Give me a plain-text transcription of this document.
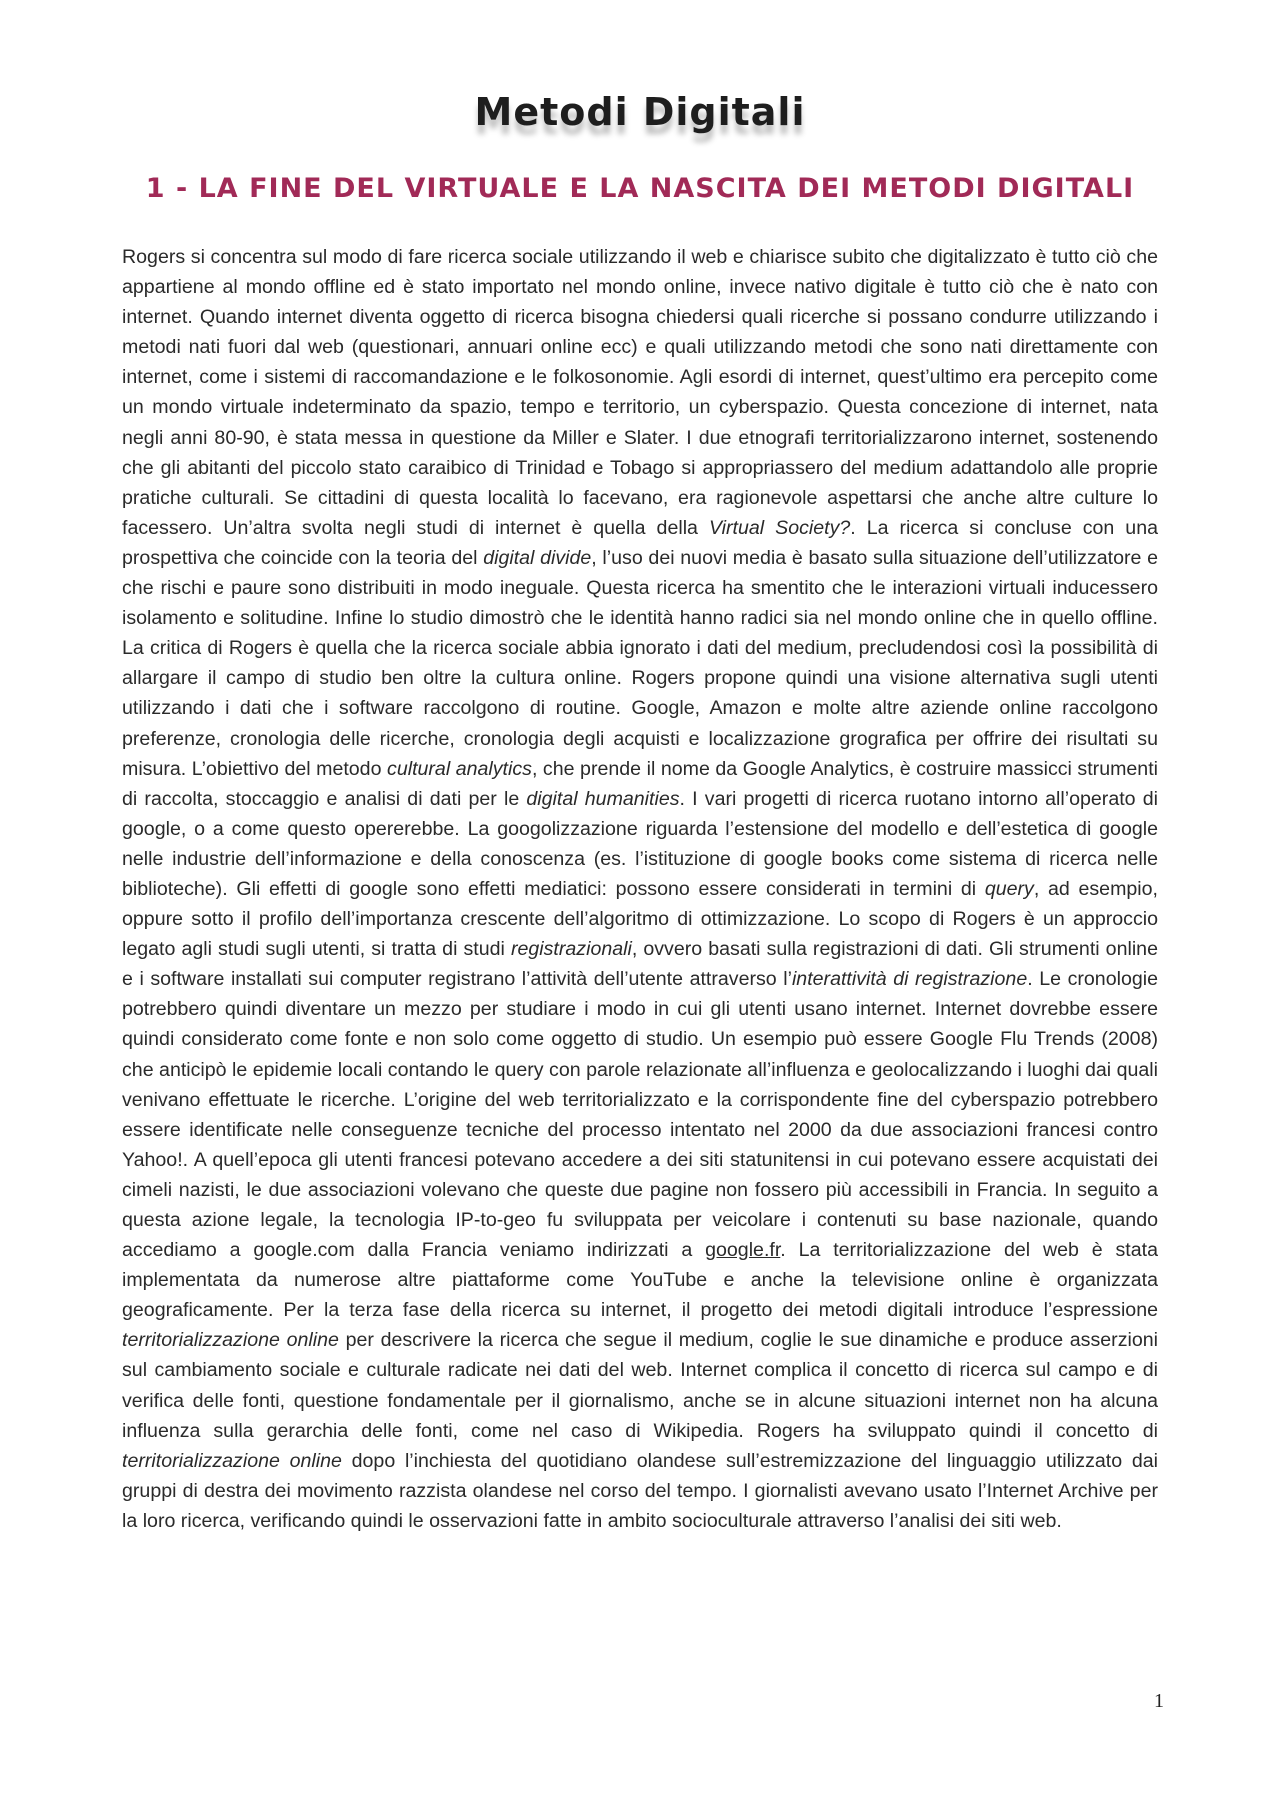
Metodi Digitali
1 - LA FINE DEL VIRTUALE E LA NASCITA DEI METODI DIGITALI

Rogers si concentra sul modo di fare ricerca sociale utilizzando il web e chiarisce subito che digitalizzato è tutto ciò che appartiene al mondo offline ed è stato importato nel mondo online, invece nativo digitale è tutto ciò che è nato con internet. Quando internet diventa oggetto di ricerca bisogna chiedersi quali ricerche si possano condurre utilizzando i metodi nati fuori dal web (questionari, annuari online ecc) e quali utilizzando metodi che sono nati direttamente con internet, come i sistemi di raccomandazione e le folkosonomie. Agli esordi di internet, quest’ultimo era percepito come un mondo virtuale indeterminato da spazio, tempo e territorio, un cyberspazio. Questa concezione di internet, nata negli anni 80-90, è stata messa in questione da Miller e Slater. I due etnografi territorializzarono internet, sostenendo che gli abitanti del piccolo stato caraibico di Trinidad e Tobago si appropriassero del medium adattandolo alle proprie pratiche culturali. Se cittadini di questa località lo facevano, era ragionevole aspettarsi che anche altre culture lo facessero. Un’altra svolta negli studi di internet è quella della Virtual Society?. La ricerca si concluse con una prospettiva che coincide con la teoria del digital divide, l’uso dei nuovi media è basato sulla situazione dell’utilizzatore e che rischi e paure sono distribuiti in modo ineguale. Questa ricerca ha smentito che le interazioni virtuali inducessero isolamento e solitudine. Infine lo studio dimostrò che le identità hanno radici sia nel mondo online che in quello offline. La critica di Rogers è quella che la ricerca sociale abbia ignorato i dati del medium, precludendosi così la possibilità di allargare il campo di studio ben oltre la cultura online. Rogers propone quindi una visione alternativa sugli utenti utilizzando i dati che i software raccolgono di routine. Google, Amazon e molte altre aziende online raccolgono preferenze, cronologia delle ricerche, cronologia degli acquisti e localizzazione grografica per offrire dei risultati su misura. L’obiettivo del metodo cultural analytics, che prende il nome da Google Analytics, è costruire massicci strumenti di raccolta, stoccaggio e analisi di dati per le digital humanities. I vari progetti di ricerca ruotano intorno all’operato di google, o a come questo opererebbe. La googolizzazione riguarda l’estensione del modello e dell’estetica di google nelle industrie dell’informazione e della conoscenza (es. l’istituzione di google books come sistema di ricerca nelle biblioteche). Gli effetti di google sono effetti mediatici: possono essere considerati in termini di query, ad esempio, oppure sotto il profilo dell’importanza crescente dell’algoritmo di ottimizzazione. Lo scopo di Rogers è un approccio legato agli studi sugli utenti, si tratta di studi registrazionali, ovvero basati sulla registrazioni di dati. Gli strumenti online e i software installati sui computer registrano l’attività dell’utente attraverso l’interattività di registrazione. Le cronologie potrebbero quindi diventare un mezzo per studiare i modo in cui gli utenti usano internet. Internet dovrebbe essere quindi considerato come fonte e non solo come oggetto di studio. Un esempio può essere Google Flu Trends (2008) che anticipò le epidemie locali contando le query con parole relazionate all’influenza e geolocalizzando i luoghi dai quali venivano effettuate le ricerche. L’origine del web territorializzato e la corrispondente fine del cyberspazio potrebbero essere identificate nelle conseguenze tecniche del processo intentato nel 2000 da due associazioni francesi contro Yahoo!. A quell’epoca gli utenti francesi potevano accedere a dei siti statunitensi in cui potevano essere acquistati dei cimeli nazisti, le due associazioni volevano che queste due pagine non fossero più accessibili in Francia. In seguito a questa azione legale, la tecnologia IP-to-geo fu sviluppata per veicolare i contenuti su base nazionale, quando accediamo a google.com dalla Francia veniamo indirizzati a google.fr. La territorializzazione del web è stata implementata da numerose altre piattaforme come YouTube e anche la televisione online è organizzata geograficamente. Per la terza fase della ricerca su internet, il progetto dei metodi digitali introduce l’espressione territorializzazione online per descrivere la ricerca che segue il medium, coglie le sue dinamiche e produce asserzioni sul cambiamento sociale e culturale radicate nei dati del web. Internet complica il concetto di ricerca sul campo e di verifica delle fonti, questione fondamentale per il giornalismo, anche se in alcune situazioni internet non ha alcuna influenza sulla gerarchia delle fonti, come nel caso di Wikipedia. Rogers ha sviluppato quindi il concetto di territorializzazione online dopo l’inchiesta del quotidiano olandese sull’estremizzazione del linguaggio utilizzato dai gruppi di destra dei movimento razzista olandese nel corso del tempo. I giornalisti avevano usato l’Internet Archive per la loro ricerca, verificando quindi le osservazioni fatte in ambito socioculturale attraverso l’analisi dei siti web.

1
